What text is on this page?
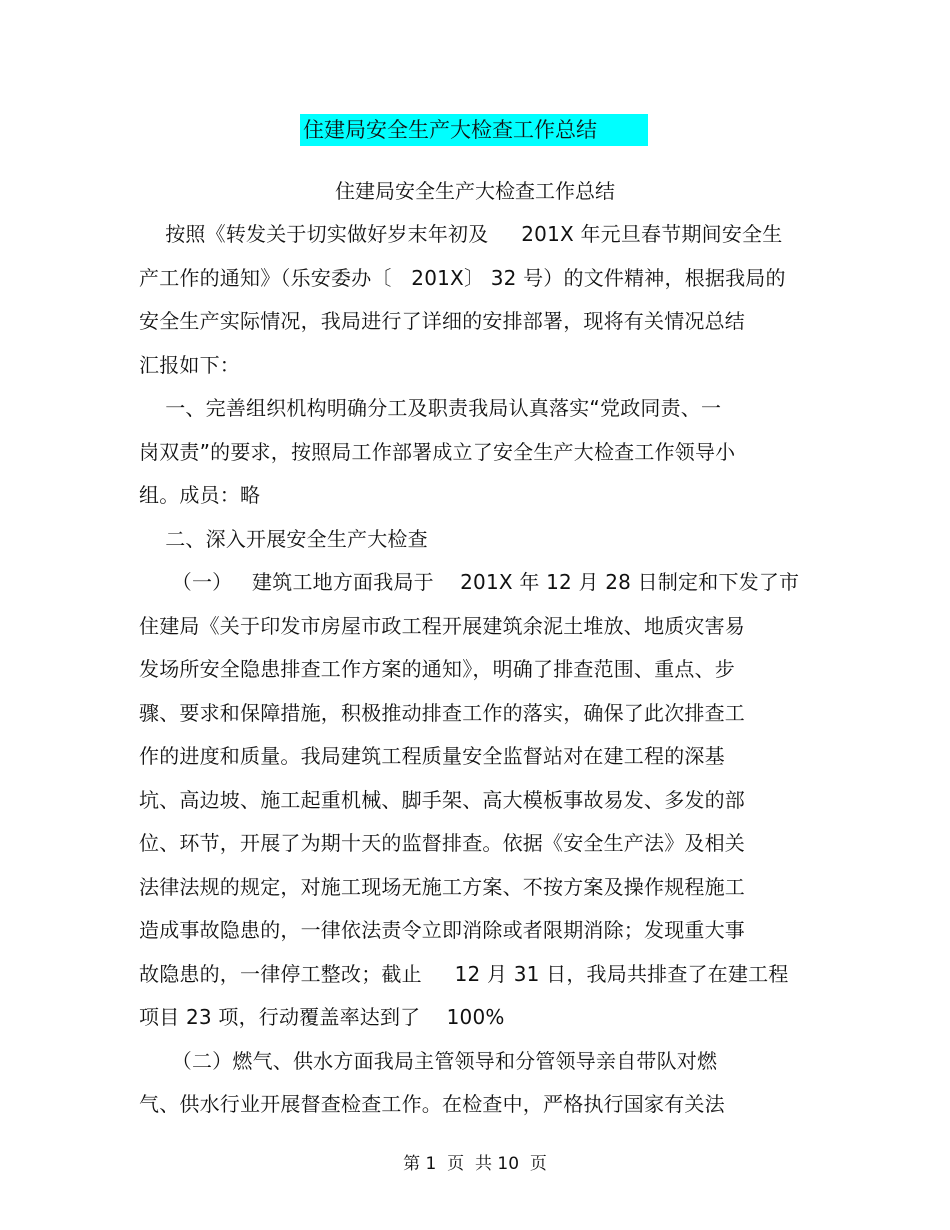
住建局安全生产大检查工作总结
住建局安全生产大检查工作总结
按照《转发关于切实做好岁末年初及     201X 年元旦春节期间安全生
产工作的通知》（乐安委办〔   201X〕 32 号）的文件精神，根据我局的
安全生产实际情况，我局进行了详细的安排部署，现将有关情况总结
汇报如下：
一、完善组织机构明确分工及职责我局认真落实“党政同责、一
岗双责”的要求，按照局工作部署成立了安全生产大检查工作领导小
组。成员：略
二、深入开展安全生产大检查
（一）   建筑工地方面我局于    201X 年 12 月 28 日制定和下发了市
住建局《关于印发市房屋市政工程开展建筑余泥土堆放、地质灾害易
发场所安全隐患排查工作方案的通知》，明确了排查范围、重点、步
骤、要求和保障措施，积极推动排查工作的落实，确保了此次排查工
作的进度和质量。我局建筑工程质量安全监督站对在建工程的深基
坑、高边坡、施工起重机械、脚手架、高大模板事故易发、多发的部
位、环节，开展了为期十天的监督排查。依据《安全生产法》及相关
法律法规的规定，对施工现场无施工方案、不按方案及操作规程施工
造成事故隐患的，一律依法责令立即消除或者限期消除；发现重大事
故隐患的，一律停工整改；截止     12 月 31 日，我局共排查了在建工程
项目 23 项，行动覆盖率达到了    100%
（二）燃气、供水方面我局主管领导和分管领导亲自带队对燃
气、供水行业开展督查检查工作。在检查中，严格执行国家有关法
第 1  页  共 10  页
